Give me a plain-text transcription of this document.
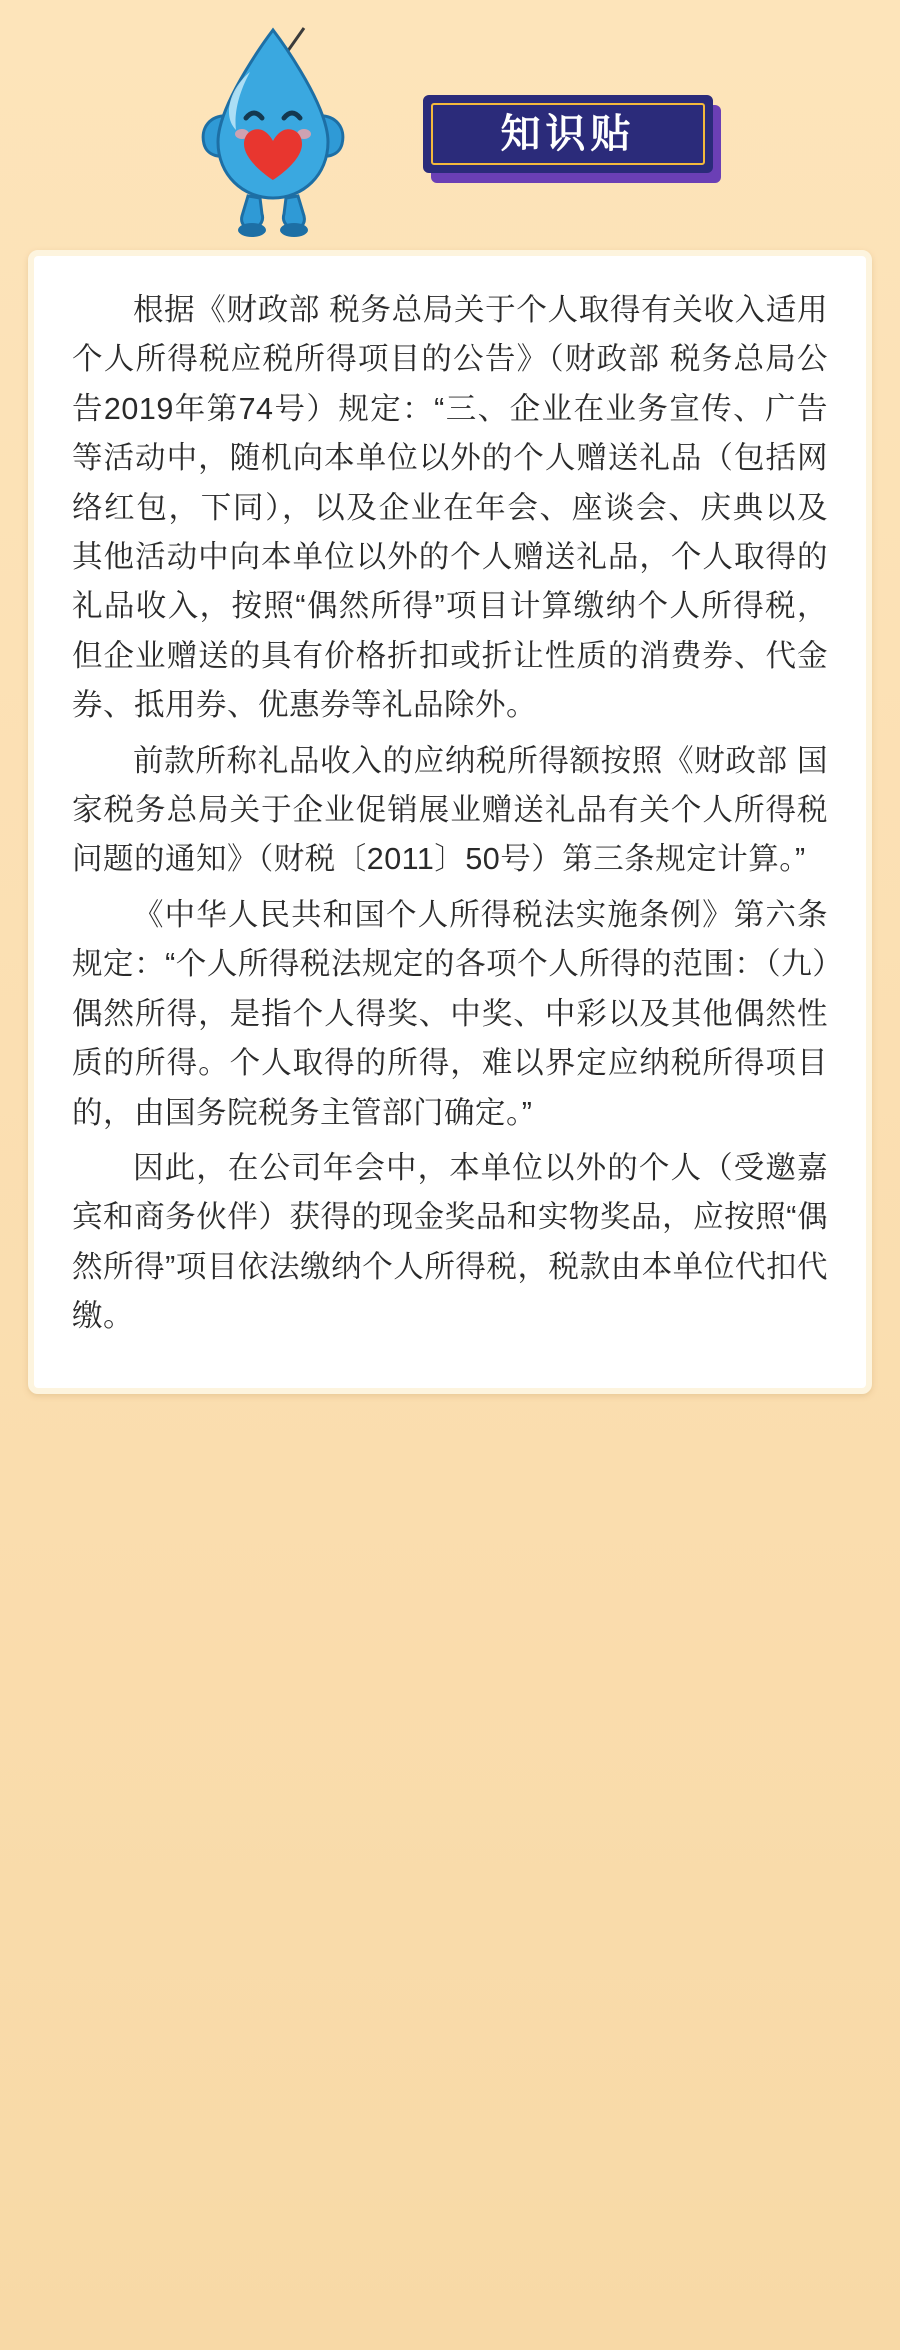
知识贴

根据《财政部 税务总局关于个人取得有关收入适用个人所得税应税所得项目的公告》（财政部 税务总局公告2019年第74号）规定：“三、企业在业务宣传、广告等活动中，随机向本单位以外的个人赠送礼品（包括网络红包，下同），以及企业在年会、座谈会、庆典以及其他活动中向本单位以外的个人赠送礼品，个人取得的礼品收入，按照“偶然所得”项目计算缴纳个人所得税，但企业赠送的具有价格折扣或折让性质的消费券、代金券、抵用券、优惠券等礼品除外。

前款所称礼品收入的应纳税所得额按照《财政部 国家税务总局关于企业促销展业赠送礼品有关个人所得税问题的通知》（财税〔2011〕50号）第三条规定计算。”

《中华人民共和国个人所得税法实施条例》第六条规定：“个人所得税法规定的各项个人所得的范围：（九）偶然所得，是指个人得奖、中奖、中彩以及其他偶然性质的所得。个人取得的所得，难以界定应纳税所得项目的，由国务院税务主管部门确定。”

因此，在公司年会中，本单位以外的个人（受邀嘉宾和商务伙伴）获得的现金奖品和实物奖品，应按照“偶然所得”项目依法缴纳个人所得税，税款由本单位代扣代缴。
